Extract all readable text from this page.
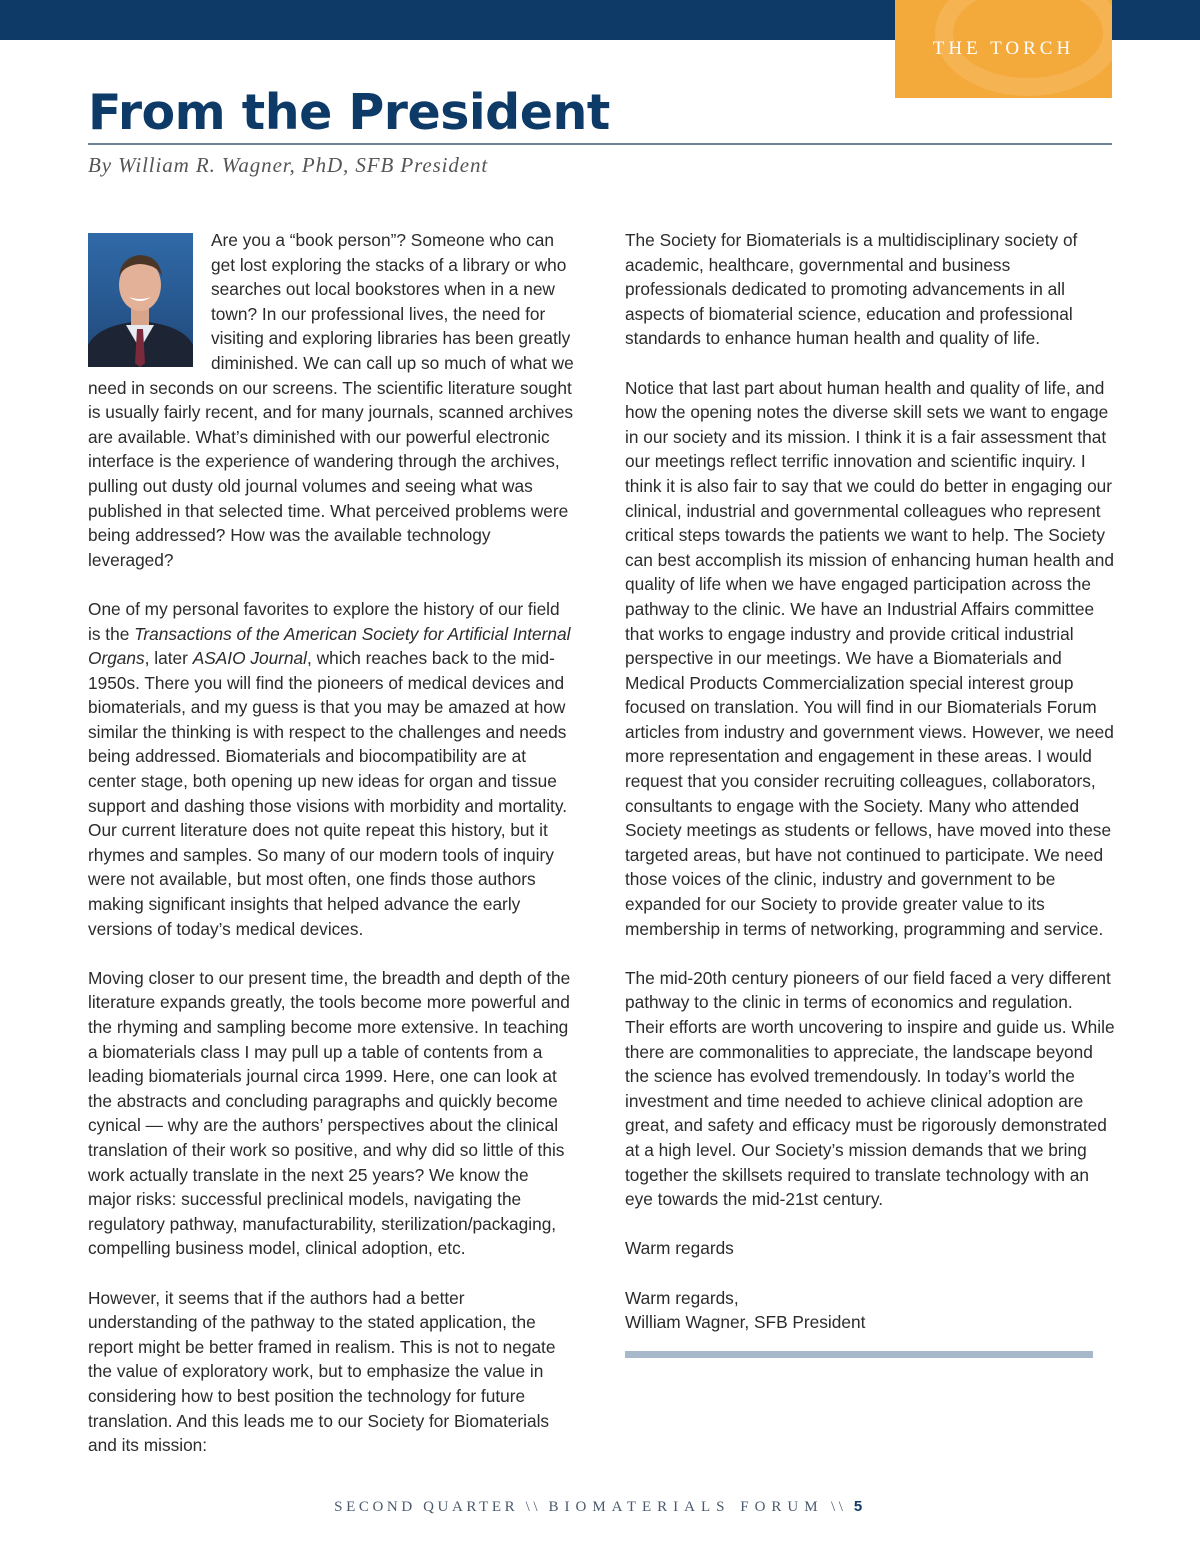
THE TORCH
From the President
By William R. Wagner, PhD, SFB President

Are you a “book person”? Someone who can get lost exploring the stacks of a library or who searches out local bookstores when in a new town? In our professional lives, the need for visiting and exploring libraries has been greatly diminished. We can call up so much of what we need in seconds on our screens. The scientific literature sought is usually fairly recent, and for many journals, scanned archives are available. What’s diminished with our powerful electronic interface is the experience of wandering through the archives, pulling out dusty old journal volumes and seeing what was published in that selected time. What perceived problems were being addressed? How was the available technology leveraged?

One of my personal favorites to explore the history of our field is the Transactions of the American Society for Artificial Internal Organs, later ASAIO Journal, which reaches back to the mid-1950s. There you will find the pioneers of medical devices and biomaterials, and my guess is that you may be amazed at how similar the thinking is with respect to the challenges and needs being addressed. Biomaterials and biocompatibility are at center stage, both opening up new ideas for organ and tissue support and dashing those visions with morbidity and mortality. Our current literature does not quite repeat this history, but it rhymes and samples. So many of our modern tools of inquiry were not available, but most often, one finds those authors making significant insights that helped advance the early versions of today’s medical devices.

Moving closer to our present time, the breadth and depth of the literature expands greatly, the tools become more powerful and the rhyming and sampling become more extensive. In teaching a biomaterials class I may pull up a table of contents from a leading biomaterials journal circa 1999. Here, one can look at the abstracts and concluding paragraphs and quickly become cynical — why are the authors’ perspectives about the clinical translation of their work so positive, and why did so little of this work actually translate in the next 25 years? We know the major risks: successful preclinical models, navigating the regulatory pathway, manufacturability, sterilization/packaging, compelling business model, clinical adoption, etc.

However, it seems that if the authors had a better understanding of the pathway to the stated application, the report might be better framed in realism. This is not to negate the value of exploratory work, but to emphasize the value in considering how to best position the technology for future translation. And this leads me to our Society for Biomaterials and its mission:

The Society for Biomaterials is a multidisciplinary society of academic, healthcare, governmental and business professionals dedicated to promoting advancements in all aspects of biomaterial science, education and professional standards to enhance human health and quality of life.

Notice that last part about human health and quality of life, and how the opening notes the diverse skill sets we want to engage in our society and its mission. I think it is a fair assessment that our meetings reflect terrific innovation and scientific inquiry. I think it is also fair to say that we could do better in engaging our clinical, industrial and governmental colleagues who represent critical steps towards the patients we want to help. The Society can best accomplish its mission of enhancing human health and quality of life when we have engaged participation across the pathway to the clinic. We have an Industrial Affairs committee that works to engage industry and provide critical industrial perspective in our meetings. We have a Biomaterials and Medical Products Commercialization special interest group focused on translation. You will find in our Biomaterials Forum articles from industry and government views. However, we need more representation and engagement in these areas. I would request that you consider recruiting colleagues, collaborators, consultants to engage with the Society. Many who attended Society meetings as students or fellows, have moved into these targeted areas, but have not continued to participate. We need those voices of the clinic, industry and government to be expanded for our Society to provide greater value to its membership in terms of networking, programming and service.

The mid-20th century pioneers of our field faced a very different pathway to the clinic in terms of economics and regulation. Their efforts are worth uncovering to inspire and guide us. While there are commonalities to appreciate, the landscape beyond the science has evolved tremendously. In today’s world the investment and time needed to achieve clinical adoption are great, and safety and efficacy must be rigorously demonstrated at a high level. Our Society’s mission demands that we bring together the skillsets required to translate technology with an eye towards the mid-21st century.

Warm regards

Warm regards,
William Wagner, SFB President

SECOND QUARTER \\ BIOMATERIALS FORUM \\ 5
